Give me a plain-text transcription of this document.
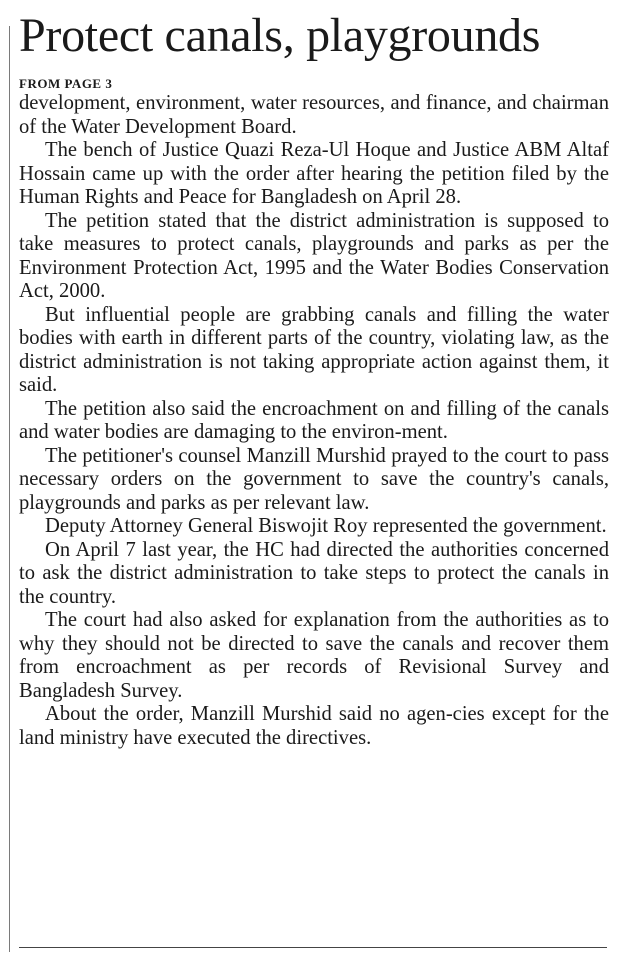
Protect canals, playgrounds
FROM PAGE 3

development, environment, water resources, and finance, and chairman of the Water Development Board.

The bench of Justice Quazi Reza-Ul Hoque and Justice ABM Altaf Hossain came up with the order after hearing the petition filed by the Human Rights and Peace for Bangladesh on April 28.

The petition stated that the district administration is supposed to take measures to protect canals, playgrounds and parks as per the Environment Protection Act, 1995 and the Water Bodies Conservation Act, 2000.

But influential people are grabbing canals and filling the water bodies with earth in different parts of the country, violating law, as the district administration is not taking appropriate action against them, it said.

The petition also said the encroachment on and filling of the canals and water bodies are damaging to the environ-ment.

The petitioner's counsel Manzill Murshid prayed to the court to pass necessary orders on the government to save the country's canals, playgrounds and parks as per relevant law.

Deputy Attorney General Biswojit Roy represented the government.

On April 7 last year, the HC had directed the authorities concerned to ask the district administration to take steps to protect the canals in the country.

The court had also asked for explanation from the authorities as to why they should not be directed to save the canals and recover them from encroachment as per records of Revisional Survey and Bangladesh Survey.

About the order, Manzill Murshid said no agen-cies except for the land ministry have executed the directives.
